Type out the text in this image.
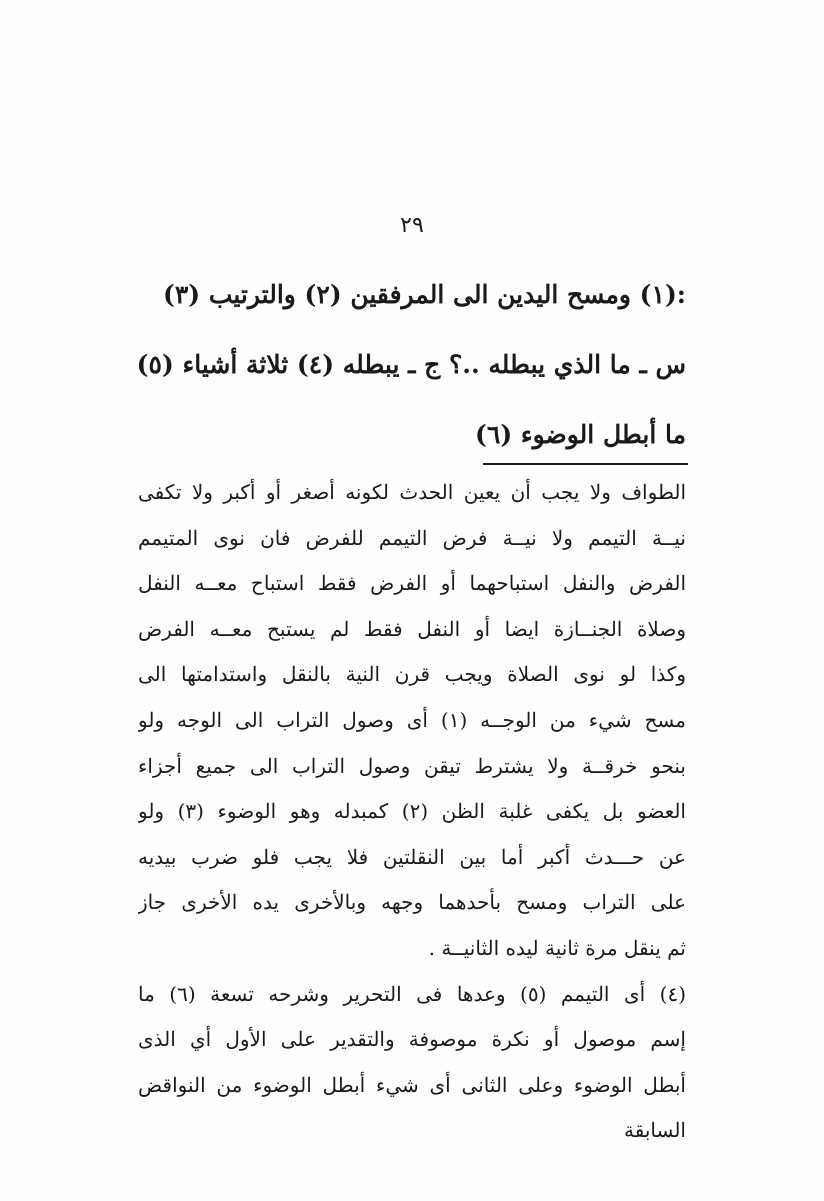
٢٩
:(١) ومسح اليدين الى المرفقين (٢) والترتيب (٣)
س ـ ما الذي يبطله ..؟ ج ـ يبطله (٤) ثلاثة أشياء (٥)
ما أبطل الوضوء (٦)
الطواف ولا يجب أن يعين الحدث لكونه أصغر أو أكبر ولا تكفى
نيــة التيمم ولا نيــة فرض التيمم للفرض فان نوى المتيمم
الفرض والنفل استباحهما أو الفرض فقط استباح معــه النفل
وصلاة الجنــازة ايضا أو النفل فقط لم يستبح معــه الفرض
وكذا لو نوى الصلاة ويجب قرن النية بالنقل واستدامتها الى
مسح شيء من الوجــه (١) أى وصول التراب الى الوجه ولو
بنحو خرقــة ولا يشترط تيقن وصول التراب الى جميع أجزاء
العضو بل يكفى غلبة الظن (٢) كمبدله وهو الوضوء (٣) ولو
عن حـــدث أكبر أما بين النقلتين فلا يجب فلو ضرب بيديه
على التراب ومسح بأحدهما وجهه وبالأخرى يده الأخرى جاز
ثم ينقل مرة ثانية ليده الثانيــة .
(٤) أى التيمم (٥) وعدها فى التحرير وشرحه تسعة (٦) ما
إسم موصول أو نكرة موصوفة والتقدير على الأول أي الذى
أبطل الوضوء وعلى الثانى أى شيء أبطل الوضوء من النواقض
السابقة
